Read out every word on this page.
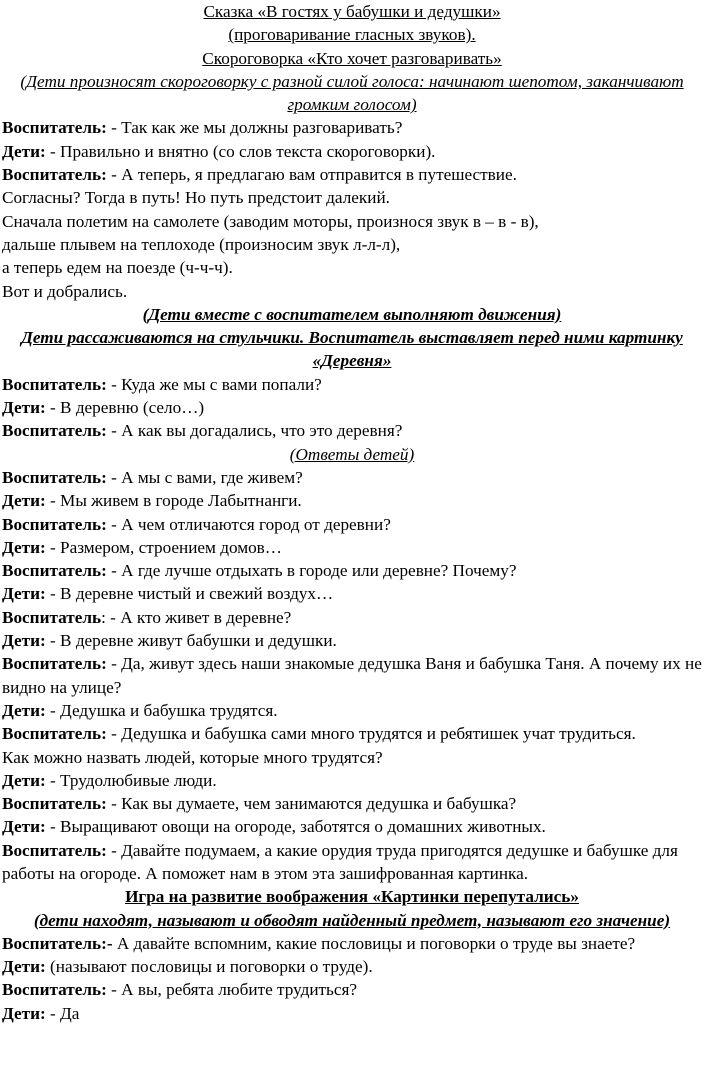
Сказка «В гостях у бабушки и дедушки»

(проговаривание гласных звуков).

Скороговорка «Кто хочет разговаривать»

(Дети произносят скороговорку с разной силой голоса: начинают шепотом, заканчивают громким голосом)

Воспитатель: - Так как же мы должны разговаривать?

Дети: - Правильно и внятно (со слов текста скороговорки).

Воспитатель: - А теперь, я предлагаю вам отправится в путешествие.

Согласны? Тогда в путь! Но путь предстоит далекий.

Сначала полетим на самолете (заводим моторы, произнося звук в – в - в),

дальше плывем на теплоходе (произносим звук л-л-л),

а теперь едем на поезде (ч-ч-ч).

Вот и добрались.

(Дети вместе с воспитателем выполняют движения)

Дети рассаживаются на стульчики. Воспитатель выставляет перед ними картинку «Деревня»

Воспитатель: - Куда же мы с вами попали?

Дети: - В деревню (село…)

Воспитатель: - А как вы догадались, что это деревня?

(Ответы детей)

Воспитатель: - А мы с вами, где живем?

Дети: - Мы живем в городе Лабытнанги.

Воспитатель: - А чем отличаются город от деревни?

Дети: - Размером, строением домов…

Воспитатель: - А где лучше отдыхать в городе или деревне? Почему?

Дети: - В деревне чистый и свежий воздух…

Воспитатель: - А кто живет в деревне?

Дети: - В деревне живут бабушки и дедушки.

Воспитатель: - Да, живут здесь наши знакомые дедушка Ваня и бабушка Таня. А почему их не видно на улице?

Дети: - Дедушка и бабушка трудятся.

Воспитатель: - Дедушка и бабушка сами много трудятся и ребятишек учат трудиться.

Как можно назвать людей, которые много трудятся?

Дети: - Трудолюбивые люди.

Воспитатель: - Как вы думаете, чем занимаются дедушка и бабушка?

Дети: - Выращивают овощи на огороде, заботятся о домашних животных.

Воспитатель: - Давайте подумаем, а какие орудия труда пригодятся дедушке и бабушке для работы на огороде. А поможет нам в этом эта зашифрованная картинка.

Игра на развитие воображения «Картинки перепутались»

(дети находят, называют и обводят найденный предмет, называют его значение)

Воспитатель:- А давайте вспомним, какие пословицы и поговорки о труде вы знаете?

Дети: (называют пословицы и поговорки о труде).

Воспитатель: - А вы, ребята любите трудиться?

Дети: - Да
